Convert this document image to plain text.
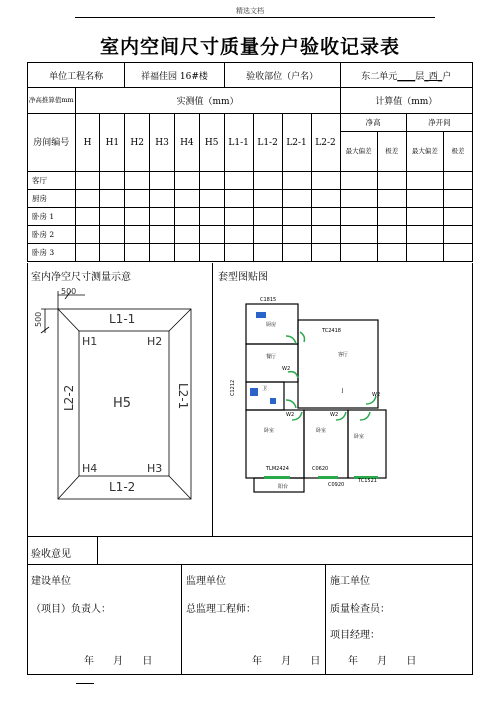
精选文档
室内空间尺寸质量分户验收记录表
单位工程名称			祥福佳园 16#楼				验收部位（户名）				东二单元____层_西_户			
净高推算值mm	实测值（mm）										计算值（mm）			
房间编号	H	H1	H2	H3	H4	H5	L1-1	L1-2	L2-1	L2-2	净高		净开间	
											最大偏差	极差	最大偏差	极差
客厅														
厨房														
卧房 1														
卧房 2														
卧房 3														
室内净空尺寸测量示意	套型图贴图
500
500	L1-1
L1-2
L2-2	L2-1
H1	H2
H3
H4
H5
C1815
厨房
TC2418
餐厅	客厅
W2
卫
C1212
W2	W2
W2
卧室	卧室
卧室
TLM2424	C0620
TC1521
C0920
阳台
J
验收意见
建设单位
（项目）负责人：
年 月 日
监理单位
总监理工程师：
年 月 日
施工单位
质量检查员：
项目经理：
年 月 日
